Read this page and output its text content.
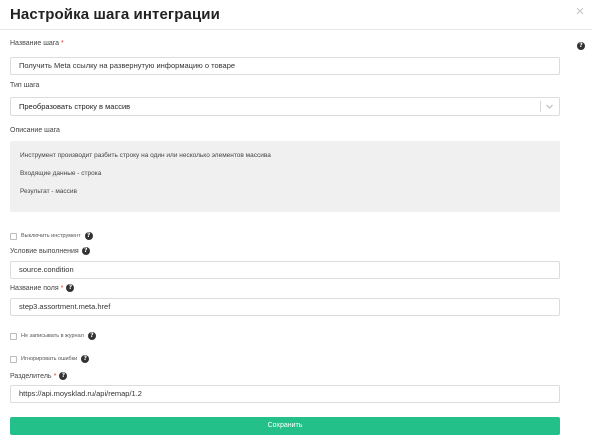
Настройка шага интеграции	×
?
Название шага *
Получить Meta ссылку на развернутую информацию о товаре
Тип шага
Преобразовать строку в массив
Описание шага
Инструмент производит разбить строку на один или несколько элементов массива
Входящие данные - строка
Результат - массив
Выключить инструмент	?
Условие выполнения ?
source.condition
Название поля * ?
step3.assortment.meta.href
Не записывать в журнал	?
Игнорировать ошибки	?
Разделитель * ?
https://api.moysklad.ru/api/remap/1.2
Сохранить
